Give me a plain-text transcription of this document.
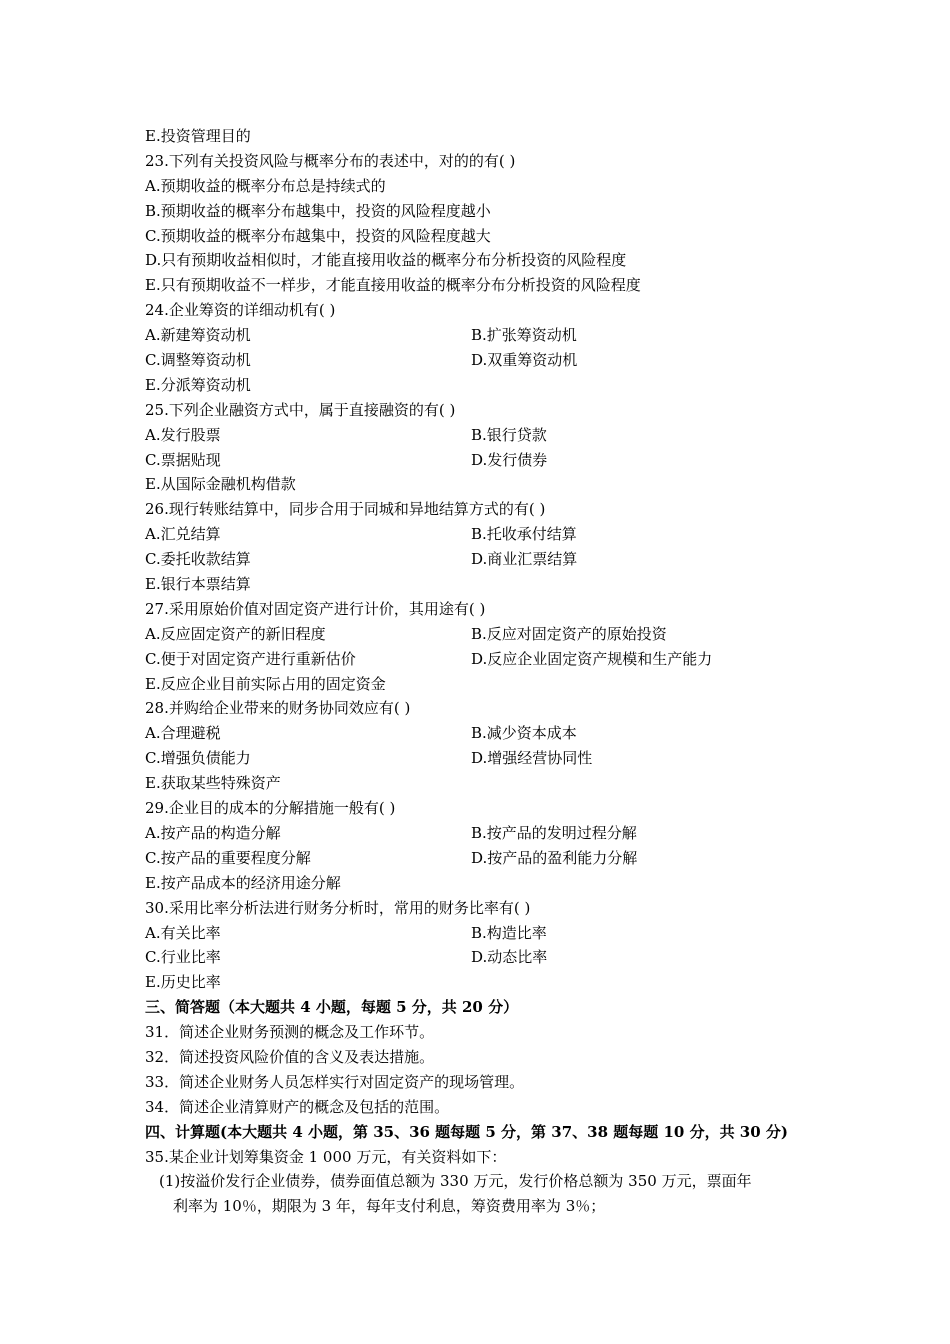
E.投资管理目的
23.下列有关投资风险与概率分布的表述中，对的的有( )
A.预期收益的概率分布总是持续式的
B.预期收益的概率分布越集中，投资的风险程度越小
C.预期收益的概率分布越集中，投资的风险程度越大
D.只有预期收益相似时，才能直接用收益的概率分布分析投资的风险程度
E.只有预期收益不一样步，才能直接用收益的概率分布分析投资的风险程度
24.企业筹资的详细动机有( )
A.新建筹资动机	B.扩张筹资动机
C.调整筹资动机	D.双重筹资动机
E.分派筹资动机
25.下列企业融资方式中，属于直接融资的有( )
A.发行股票	B.银行贷款
C.票据贴现	D.发行债券
E.从国际金融机构借款
26.现行转账结算中，同步合用于同城和异地结算方式的有( )
A.汇兑结算	B.托收承付结算
C.委托收款结算	D.商业汇票结算
E.银行本票结算
27.采用原始价值对固定资产进行计价，其用途有( )
A.反应固定资产的新旧程度	B.反应对固定资产的原始投资
C.便于对固定资产进行重新估价	D.反应企业固定资产规模和生产能力
E.反应企业目前实际占用的固定资金
28.并购给企业带来的财务协同效应有( )
A.合理避税	B.减少资本成本
C.增强负债能力	D.增强经营协同性
E.获取某些特殊资产
29.企业目的成本的分解措施一般有( )
A.按产品的构造分解	B.按产品的发明过程分解
C.按产品的重要程度分解	D.按产品的盈利能力分解
E.按产品成本的经济用途分解
30.采用比率分析法进行财务分析时，常用的财务比率有( )
A.有关比率	B.构造比率
C.行业比率	D.动态比率
E.历史比率
三、简答题（本大题共 4 小题，每题 5 分，共 20 分）
31．简述企业财务预测的概念及工作环节。
32．简述投资风险价值的含义及表达措施。
33．简述企业财务人员怎样实行对固定资产的现场管理。
34．简述企业清算财产的概念及包括的范围。
四、计算题(本大题共 4 小题，第 35、36 题每题 5 分，第 37、38 题每题 10 分，共 30 分)
35.某企业计划筹集资金 1 000 万元，有关资料如下：
(1)按溢价发行企业债券，债券面值总额为 330 万元，发行价格总额为 350 万元，票面年
利率为 10％，期限为 3 年，每年支付利息，筹资费用率为 3％；
